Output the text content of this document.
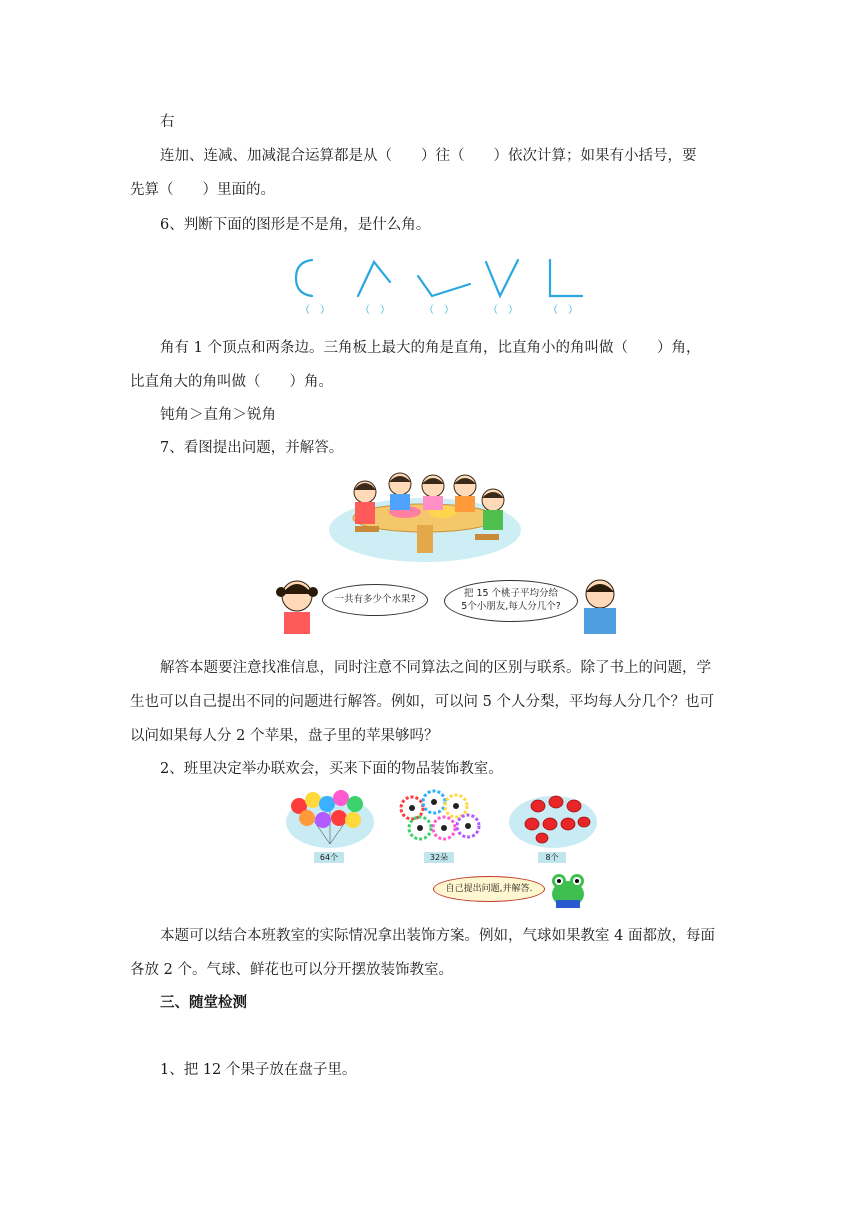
右
连加、连减、加减混合运算都是从（　　）往（　　）依次计算；如果有小括号，要
先算（　　）里面的。
6、判断下面的图形是不是角，是什么角。
（　）	（　）	（　）	（　）	（　）
角有 1 个顶点和两条边。三角板上最大的角是直角，比直角小的角叫做（　　）角，
比直角大的角叫做（　　）角。
钝角＞直角＞锐角
7、看图提出问题，并解答。
一共有多少个水果?
把 15 个桃子平均分给
5个小朋友,每人分几个?
解答本题要注意找准信息，同时注意不同算法之间的区别与联系。除了书上的问题，学
生也可以自己提出不同的问题进行解答。例如，可以问 5 个人分梨，平均每人分几个？也可
以问如果每人分 2 个苹果，盘子里的苹果够吗？
2、班里决定举办联欢会，买来下面的物品装饰教室。
64个	32朵	8个
自己提出问题,并解答.
本题可以结合本班教室的实际情况拿出装饰方案。例如，气球如果教室 4 面都放，每面
各放 2 个。气球、鲜花也可以分开摆放装饰教室。
三、随堂检测
1、把 12 个果子放在盘子里。
